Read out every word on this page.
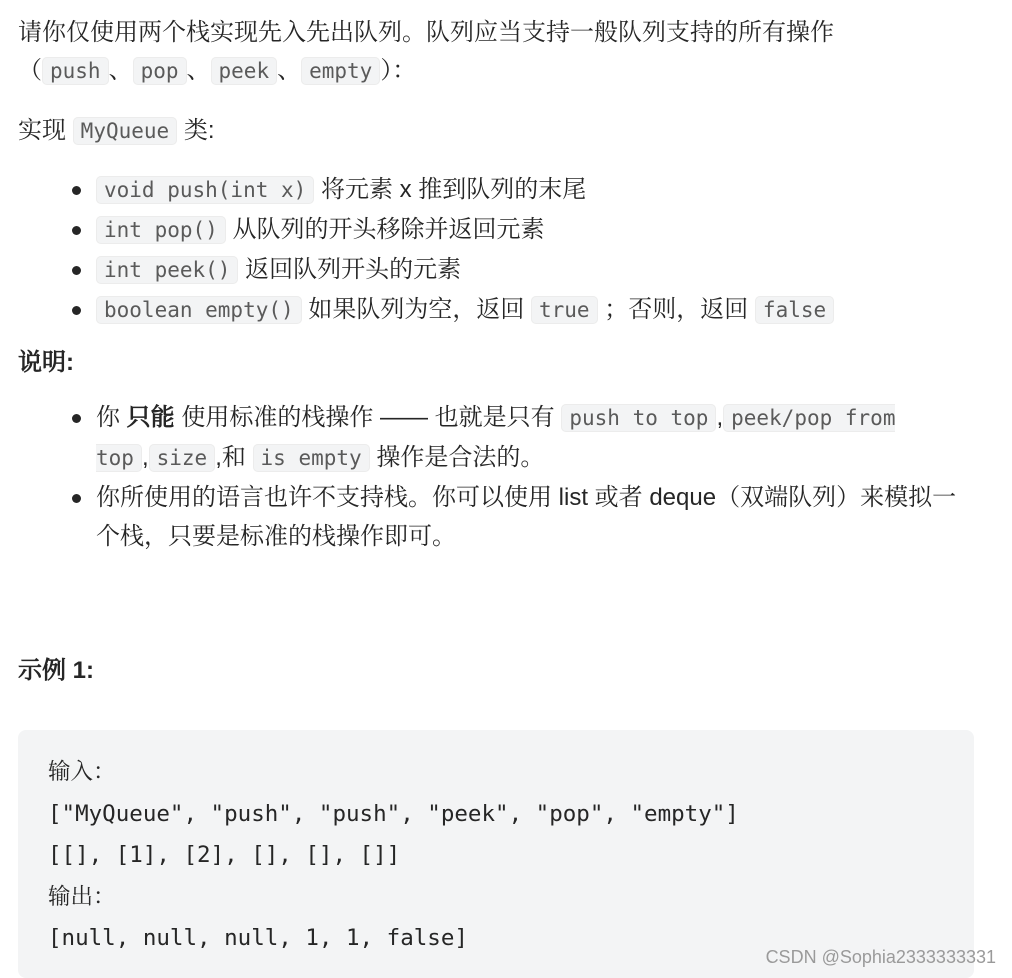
请你仅使用两个栈实现先入先出队列。队列应当支持一般队列支持的所有操作
（ push 、 pop 、 peek 、 empty ）：

实现 MyQueue 类:

void push(int x) 将元素 x 推到队列的末尾
int pop() 从队列的开头移除并返回元素
int peek() 返回队列开头的元素
boolean empty() 如果队列为空，返回 true ；否则，返回 false

说明:

你 只能 使用标准的栈操作 —— 也就是只有 push to top , peek/pop from top , size ,和 is empty 操作是合法的。
你所使用的语言也许不支持栈。你可以使用 list 或者 deque（双端队列）来模拟一个栈，只要是标准的栈操作即可。

示例 1:

输入：
["MyQueue", "push", "push", "peek", "pop", "empty"]
[[], [1], [2], [], [], []]
输出：
[null, null, null, 1, 1, false]
CSDN @Sophia2333333331
